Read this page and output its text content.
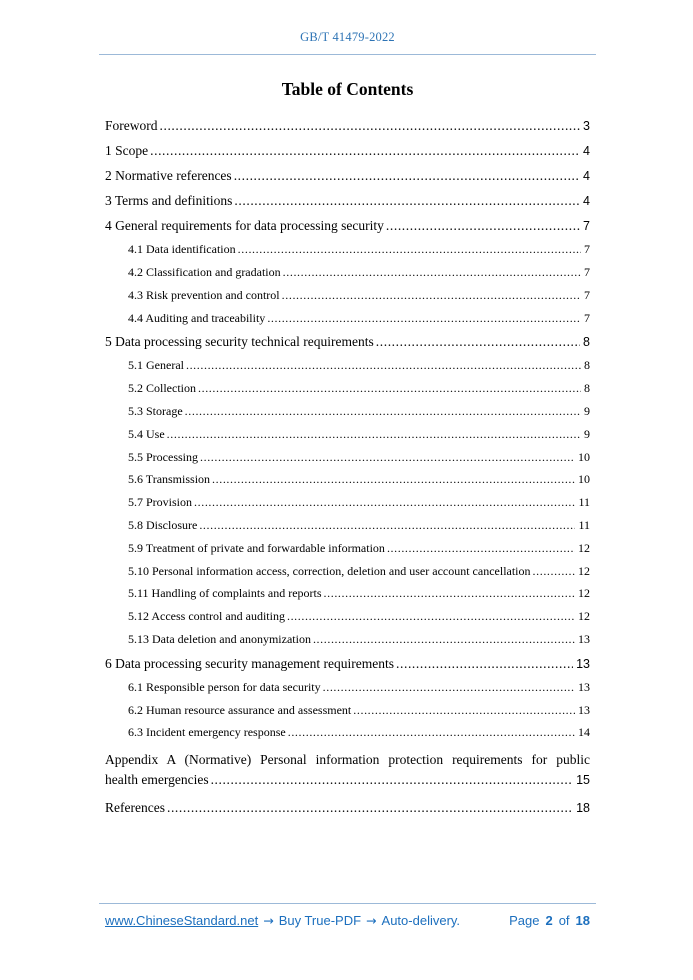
GB/T 41479-2022
Table of Contents
Foreword .....	3
1 Scope .....	4
2 Normative references .....	4
3 Terms and definitions .....	4
4 General requirements for data processing security .....	7
4.1 Data identification .....	7
4.2 Classification and gradation .....	7
4.3 Risk prevention and control .....	7
4.4 Auditing and traceability .....	7
5 Data processing security technical requirements .....	8
5.1 General .....	8
5.2 Collection .....	8
5.3 Storage .....	9
5.4 Use .....	9
5.5 Processing .....	10
5.6 Transmission .....	10
5.7 Provision .....	11
5.8 Disclosure .....	11
5.9 Treatment of private and forwardable information .....	12
5.10 Personal information access, correction, deletion and user account cancellation .....	12
5.11 Handling of complaints and reports .....	12
5.12 Access control and auditing .....	12
5.13 Data deletion and anonymization .....	13
6 Data processing security management requirements .....	13
6.1 Responsible person for data security .....	13
6.2 Human resource assurance and assessment .....	13
6.3 Incident emergency response .....	14
Appendix A (Normative) Personal information protection requirements for public
health emergencies .....	15
References .....	18
www.ChineseStandard.net → Buy True-PDF → Auto-delivery.	Page 2 of 18
